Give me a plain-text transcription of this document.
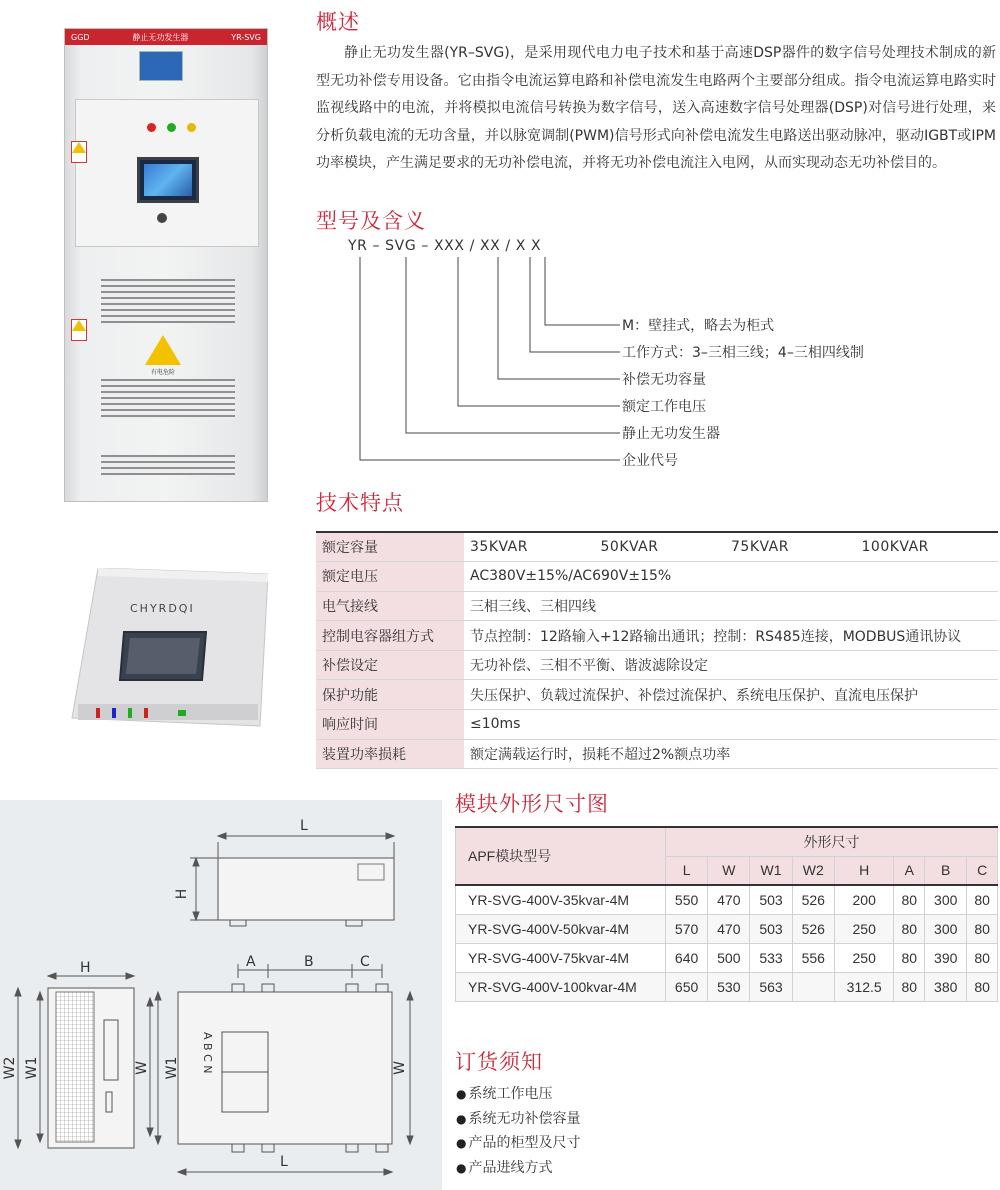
GGD	静止无功发生器	YR-SVG
有电危险
CHYRDQI
概述
静止无功发生器(YR–SVG)，是采用现代电力电子技术和基于高速DSP器件的数字信号处理技术制成的新型无功补偿专用设备。它由指令电流运算电路和补偿电流发生电路两个主要部分组成。指令电流运算电路实时监视线路中的电流，并将模拟电流信号转换为数字信号，送入高速数字信号处理器(DSP)对信号进行处理，来分析负载电流的无功含量，并以脉宽调制(PWM)信号形式向补偿电流发生电路送出驱动脉冲，驱动IGBT或IPM功率模块，产生满足要求的无功补偿电流，并将无功补偿电流注入电网，从而实现动态无功补偿目的。
型号及含义
YR – SVG – XXX / XX / X X
M：壁挂式，略去为柜式
工作方式：3–三相三线；4–三相四线制
补偿无功容量
额定工作电压
静止无功发生器
企业代号
技术特点
额定容量	35KVAR 50KVAR 75KVAR 100KVAR

额定电压	AC380V±15%/AC690V±15%
电气接线	三相三线、三相四线
控制电容器组方式	节点控制：12路输入+12路输出通讯；控制：RS485连接，MODBUS通讯协议
补偿设定	无功补偿、三相不平衡、谐波滤除设定
保护功能	失压保护、负载过流保护、补偿过流保护、系统电压保护、直流电压保护
响应时间	≤10ms
装置功率损耗	额定满载运行时，损耗不超过2%额点功率
L
H
A	B	C
L
W1	W
H
W2 W1	W	A B C N
模块外形尺寸图
APF模块型号	外形尺寸							
	L	W	W1	W2	H	A	B	C
YR-SVG-400V-35kvar-4M	550	470	503	526	200	80	300	80
YR-SVG-400V-50kvar-4M	570	470	503	526	250	80	300	80
YR-SVG-400V-75kvar-4M	640	500	533	556	250	80	390	80
YR-SVG-400V-100kvar-4M	650	530	563		312.5	80	380	80
订货须知
● 系统工作电压
● 系统无功补偿容量
● 产品的柜型及尺寸
● 产品进线方式
